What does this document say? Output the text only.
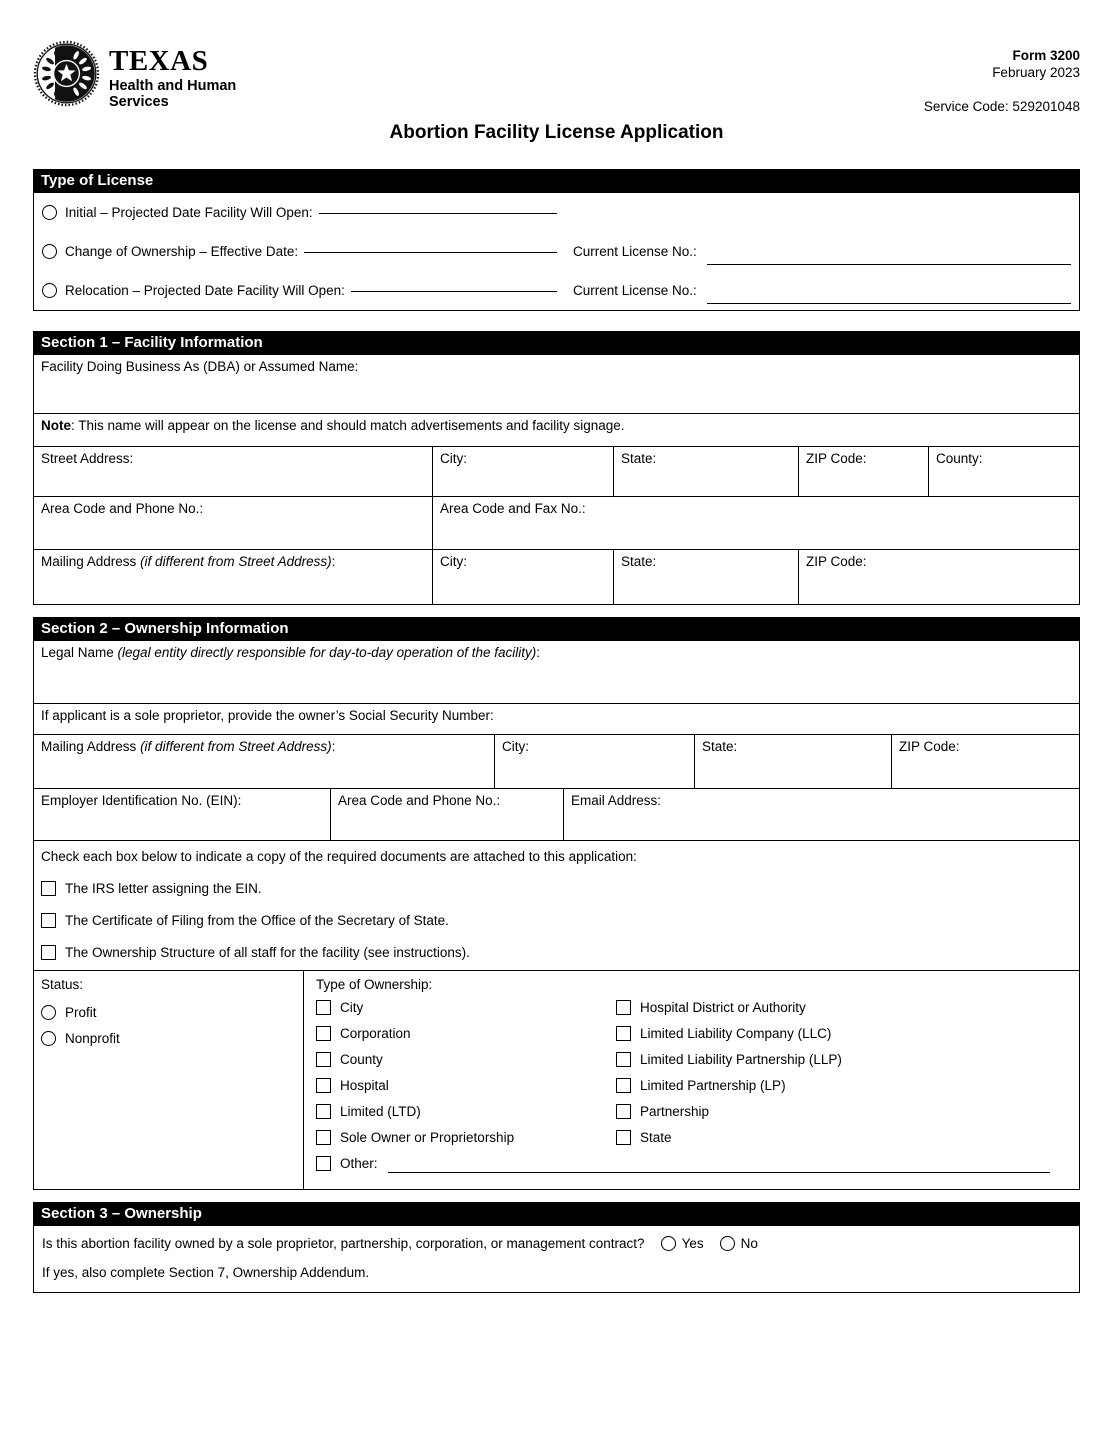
TEXAS
Health and Human
Services
Form 3200
February 2023
Service Code: 529201048
Abortion Facility License Application
Type of License
Initial – Projected Date Facility Will Open:
Change of Ownership – Effective Date:	Current License No.:
Relocation – Projected Date Facility Will Open:	Current License No.:
Section 1 – Facility Information
Facility Doing Business As (DBA) or Assumed Name:
Note: This name will appear on the license and should match advertisements and facility signage.
Street Address:	City:	State:	ZIP Code:	County:
Area Code and Phone No.:	Area Code and Fax No.:
Mailing Address (if different from Street Address):	City:	State:	ZIP Code:
Section 2 – Ownership Information
Legal Name (legal entity directly responsible for day-to-day operation of the facility):
If applicant is a sole proprietor, provide the owner’s Social Security Number:
Mailing Address (if different from Street Address):	City:	State:	ZIP Code:
Employer Identification No. (EIN):	Area Code and Phone No.:	Email Address:
Check each box below to indicate a copy of the required documents are attached to this application:
The IRS letter assigning the EIN.
The Certificate of Filing from the Office of the Secretary of State.
The Ownership Structure of all staff for the facility (see instructions).
Status:
Profit
Nonprofit
Type of Ownership:
City
Corporation
County
Hospital
Limited (LTD)
Sole Owner or Proprietorship
Hospital District or Authority
Limited Liability Company (LLC)
Limited Liability Partnership (LLP)
Limited Partnership (LP)
Partnership
State
Other:
Section 3 – Ownership
Is this abortion facility owned by a sole proprietor, partnership, corporation, or management contract?	Yes	No
If yes, also complete Section 7, Ownership Addendum.
